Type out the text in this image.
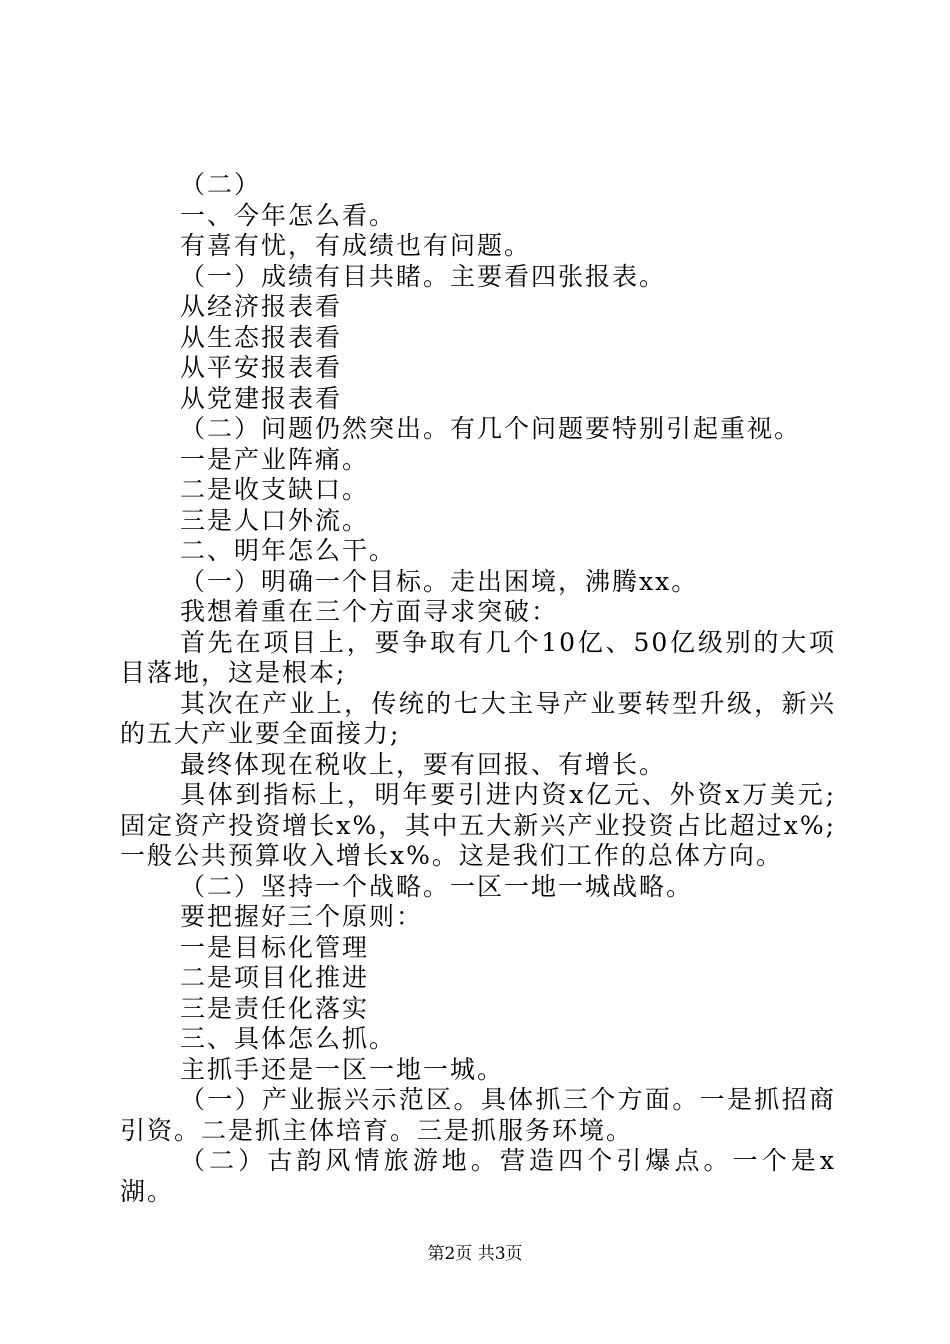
（二）

一、今年怎么看。

有喜有忧，有成绩也有问题。

（一）成绩有目共睹。主要看四张报表。

从经济报表看

从生态报表看

从平安报表看

从党建报表看

（二）问题仍然突出。有几个问题要特别引起重视。

一是产业阵痛。

二是收支缺口。

三是人口外流。

二、明年怎么干。

（一）明确一个目标。走出困境，沸腾xx。

我想着重在三个方面寻求突破：

首先在项目上，要争取有几个10亿、50亿级别的大项目落地，这是根本;

其次在产业上，传统的七大主导产业要转型升级，新兴的五大产业要全面接力;

最终体现在税收上，要有回报、有增长。

具体到指标上，明年要引进内资x亿元、外资x万美元;固定资产投资增长x%，其中五大新兴产业投资占比超过x%;一般公共预算收入增长x%。这是我们工作的总体方向。

（二）坚持一个战略。一区一地一城战略。

要把握好三个原则：

一是目标化管理

二是项目化推进

三是责任化落实

三、具体怎么抓。

主抓手还是一区一地一城。

（一）产业振兴示范区。具体抓三个方面。一是抓招商引资。二是抓主体培育。三是抓服务环境。

（二）古韵风情旅游地。营造四个引爆点。一个是x湖。

第2页 共3页
